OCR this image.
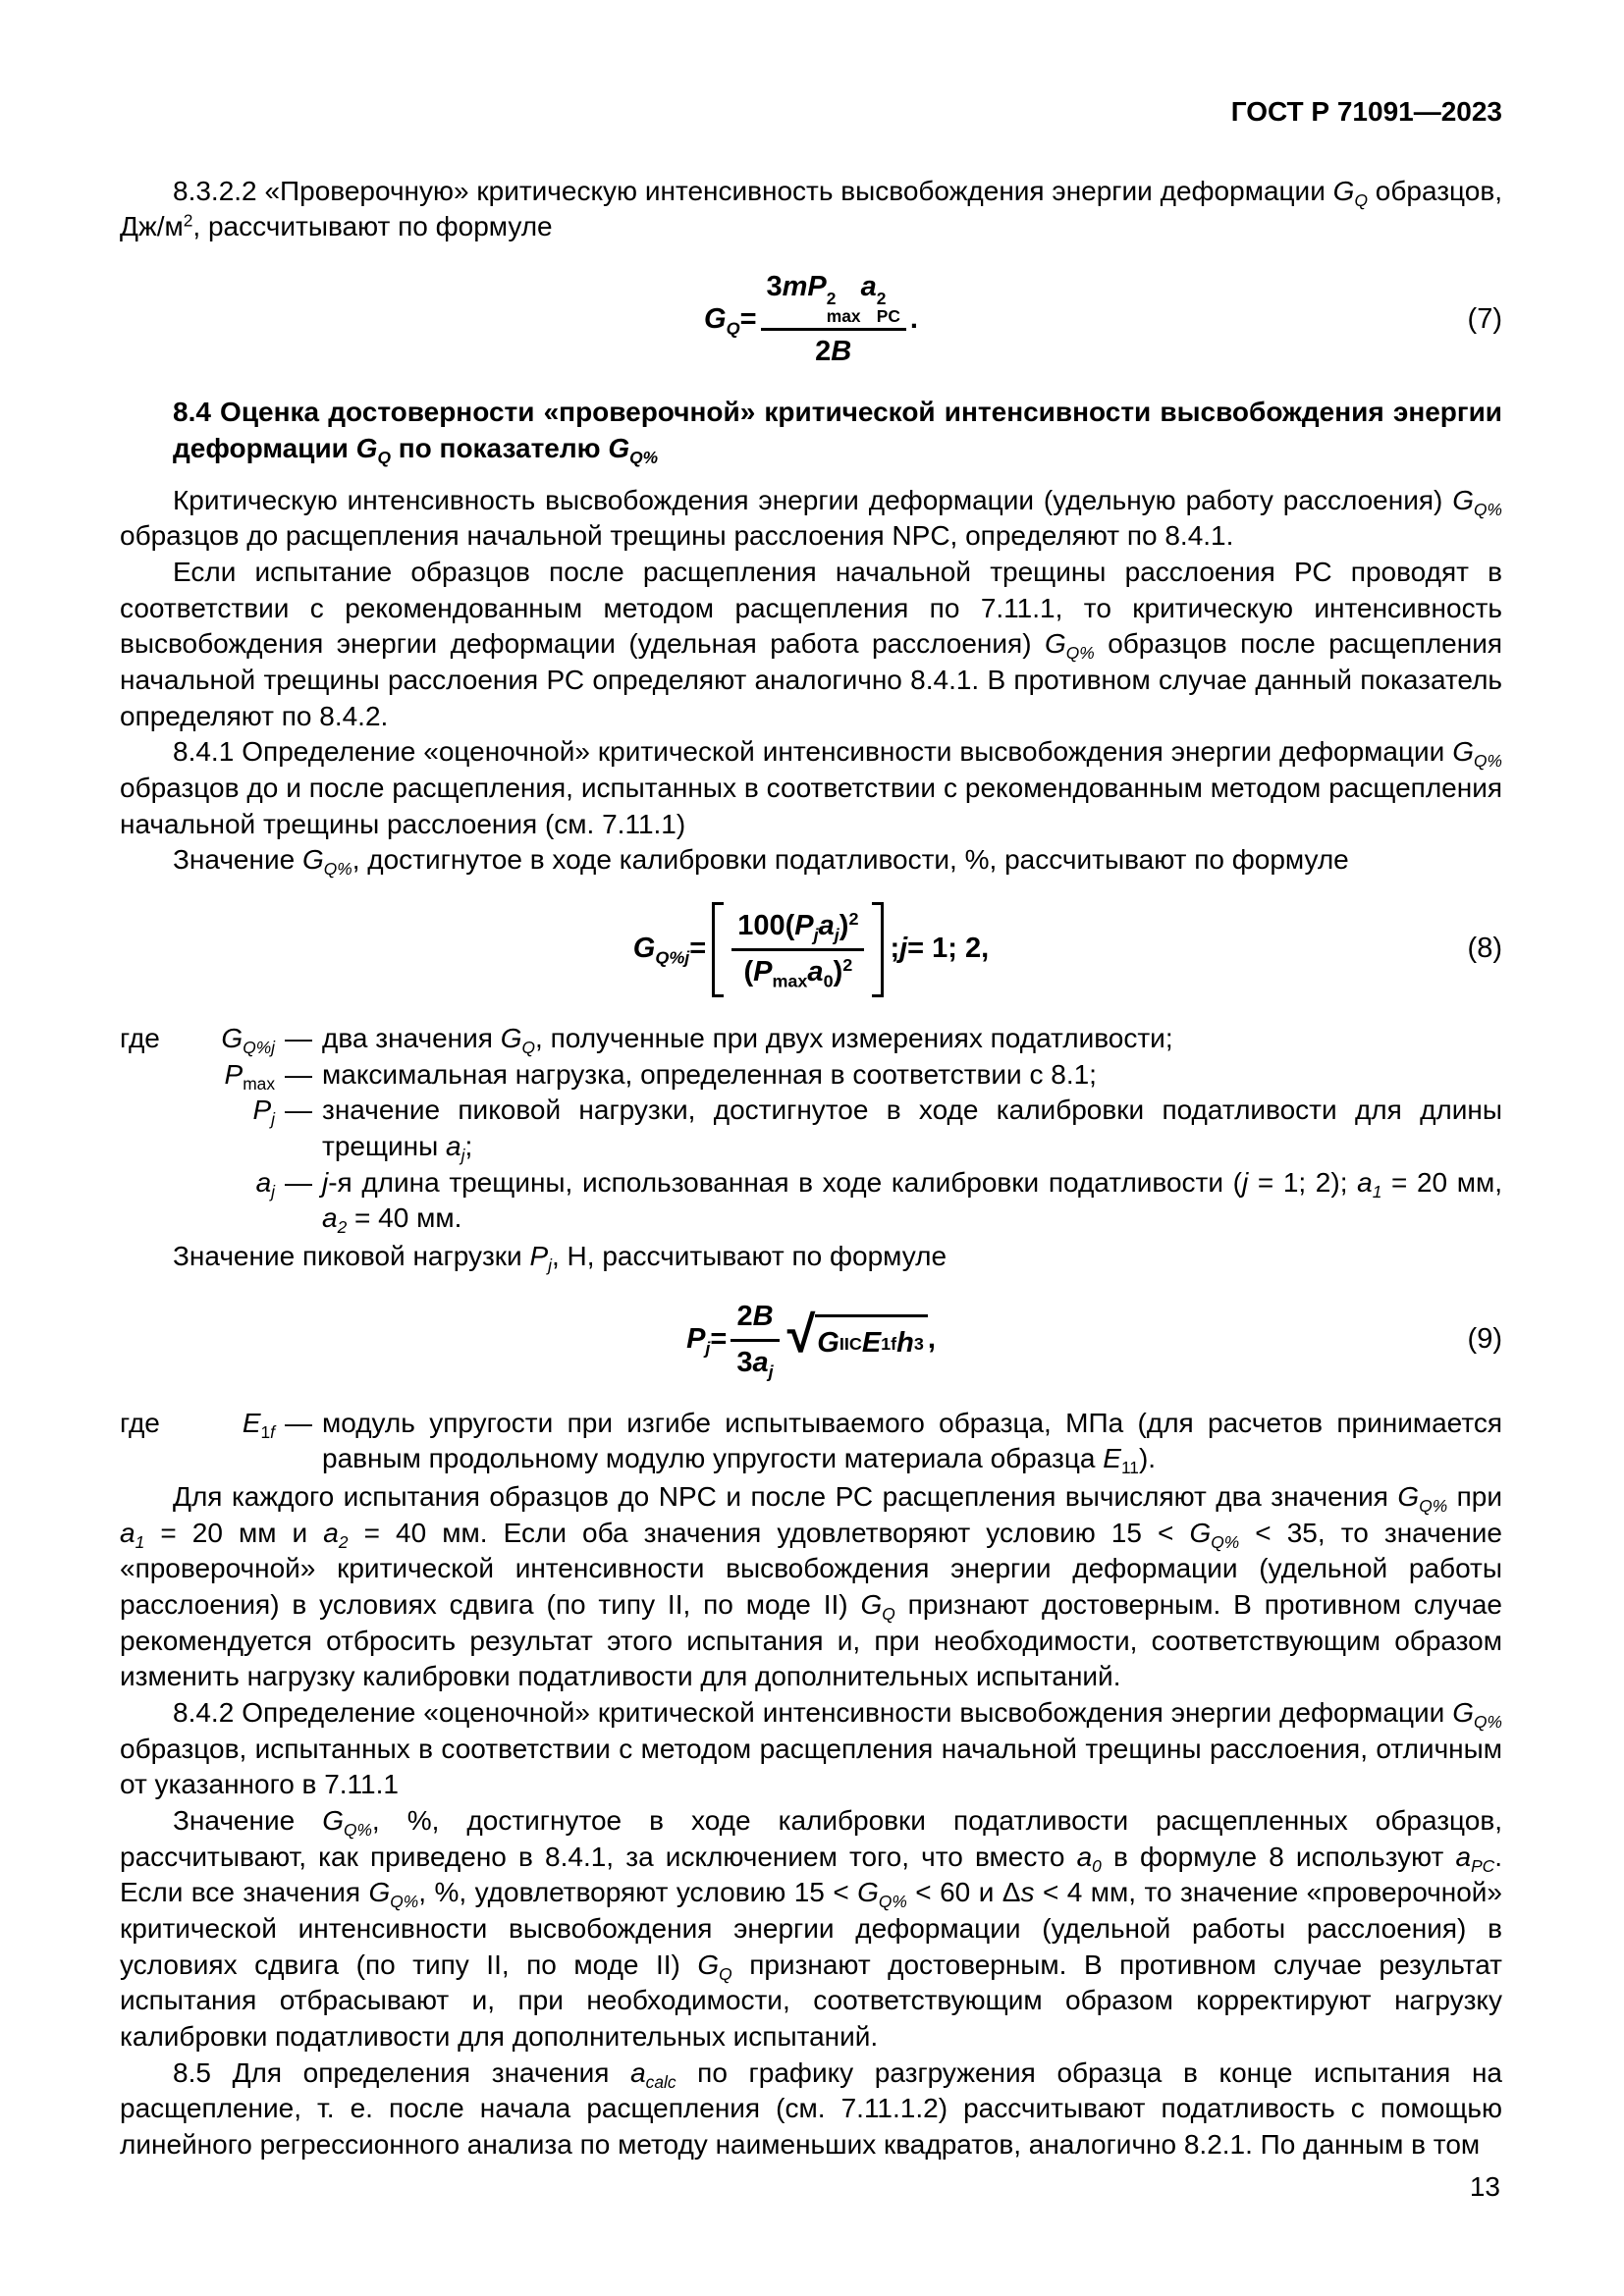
ГОСТ Р 71091—2023
8.3.2.2 «Проверочную» критическую интенсивность высвобождения энергии деформации $G_Q$ образцов, $Дж/м^2$, рассчитывают по формуле
$G_Q = 3mP$ 2
max
a 2
PC
2B .	(7)
8.4 Оценка достоверности «проверочной» критической интенсивности высвобождения энергии деформации $G_Q$ по показателю $G_{Q\%}$
Критическую интенсивность высвобождения энергии деформации (удельную работу расслоения) $G_{Q\%}$ образцов до расщепления начальной трещины расслоения NPC, определяют по 8.4.1.
Если испытание образцов после расщепления начальной трещины расслоения РС проводят в соответствии с рекомендованным методом расщепления по 7.11.1, то критическую интенсивность высвобождения энергии деформации (удельная работа расслоения) $G_{Q\%}$ образцов после расщепления начальной трещины расслоения РС определяют аналогично 8.4.1. В противном случае данный показатель определяют по 8.4.2.
8.4.1 Определение «оценочной» критической интенсивности высвобождения энергии деформации $G_{Q\%}$ образцов до и после расщепления, испытанных в соответствии с рекомендованным методом расщепления начальной трещины расслоения (см. 7.11.1)
Значение $G_{Q\%}$, достигнутое в ходе калибровки податливости, %, рассчитывают по формуле
$G_{Q\%j} = \frac{100(P_ja_j)^2}{(P_{max}a_0)^2}$ ; j = 1; 2,	(8)
где	$G_{Q\%j}$ — два значения $G_Q$, полученные при двух измерениях податливости;
$P_{max}$ — максимальная нагрузка, определенная в соответствии с 8.1;
$P_j$ — значение пиковой нагрузки, достигнутое в ходе калибровки податливости для длины трещины $a_j$;
$a_j$ — j-я длина трещины, использованная в ходе калибровки податливости (j = 1; 2); $a_1 = 20$ мм, $a_2 = 40$ мм.
Значение пиковой нагрузки $P_j$, Н, рассчитывают по формуле
$P_j = \frac{2B}{3a_j}$ √ G IIC E 1f h 3 ,	(9)
где	$E_{1f}$ — модуль упругости при изгибе испытываемого образца, МПа (для расчетов принимается равным продольному модулю упругости материала образца $E_{11}$).
Для каждого испытания образцов до NPC и после РС расщепления вычисляют два значения $G_{Q\%}$ при $a_1 = 20$ мм и $a_2 = 40$ мм. Если оба значения удовлетворяют условию $15 < G_{Q\%} < 35$, то значение «проверочной» критической интенсивности высвобождения энергии деформации (удельной работы расслоения) в условиях сдвига (по типу II, по моде II) $G_Q$ признают достоверным. В противном случае рекомендуется отбросить результат этого испытания и, при необходимости, соответствующим образом изменить нагрузку калибровки податливости для дополнительных испытаний.
8.4.2 Определение «оценочной» критической интенсивности высвобождения энергии деформации $G_{Q\%}$ образцов, испытанных в соответствии с методом расщепления начальной трещины расслоения, отличным от указанного в 7.11.1
Значение $G_{Q\%}$, %, достигнутое в ходе калибровки податливости расщепленных образцов, рассчитывают, как приведено в 8.4.1, за исключением того, что вместо $a_0$ в формуле 8 используют $a_{PC}$. Если все значения $G_{Q\%}$, %, удовлетворяют условию $15 < G_{Q\%} < 60$ и Δs < 4 мм, то значение «проверочной» критической интенсивности высвобождения энергии деформации (удельной работы расслоения) в условиях сдвига (по типу II, по моде II) $G_Q$ признают достоверным. В противном случае результат испытания отбрасывают и, при необходимости, соответствующим образом корректируют нагрузку калибровки податливости для дополнительных испытаний.
8.5 Для определения значения $a_{calc}$ по графику разгружения образца в конце испытания на расщепление, т. е. после начала расщепления (см. 7.11.1.2) рассчитывают податливость с помощью линейного регрессионного анализа по методу наименьших квадратов, аналогично 8.2.1. По данным в том
13
